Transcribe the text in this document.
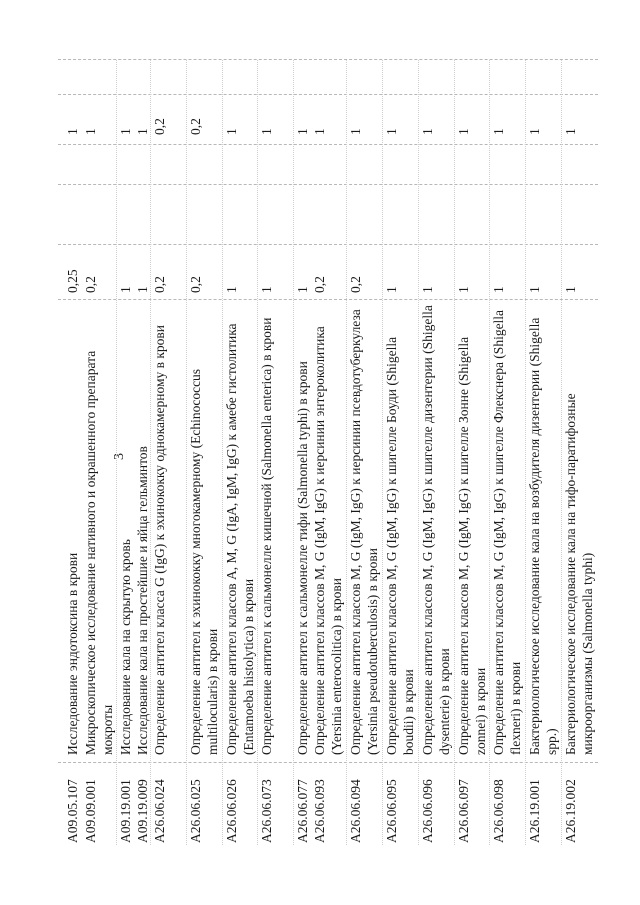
3
A09.05.107
Исследование эндотоксина в крови
0,25
1
A09.09.001
Микроскопическое исследование нативного и окрашенного препарата мокроты
0,2
1
A09.19.001
Исследование кала на скрытую кровь
1
1
A09.19.009
Исследование кала на простейшие и яйца гельминтов
1
1
A26.06.024
Определение антител класса G (IgG) к эхинококку однокамерному в крови
0,2
0,2
A26.06.025
Определение антител к эхинококку многокамерному (Echinococcus multilocularis) в крови
0,2
0,2
A26.06.026
Определение антител классов A, M, G (IgA, IgM, IgG) к амебе гистолитика (Entamoeba histolytica) в крови
1
1
A26.06.073
Определение антител к сальмонелле кишечной (Salmonella enterica) в крови
1
1
A26.06.077
Определение антител к сальмонелле тифи (Salmonella typhi) в крови
1
1
A26.06.093
Определение антител классов M, G (IgM, IgG) к иерсинии энтероколитика (Yersinia enterocolitica) в крови
0,2
1
A26.06.094
Определение антител классов M, G (IgM, IgG) к иерсинии псевдотуберкулеза (Yersinia pseudotuberculosis) в крови
0,2
1
A26.06.095
Определение антител классов M, G (IgM, IgG) к шигелле Боуди (Shigella boudii) в крови
1
1
A26.06.096
Определение антител классов M, G (IgM, IgG) к шигелле дизентерии (Shigella dysenterie) в крови
1
1
A26.06.097
Определение антител классов M, G (IgM, IgG) к шигелле Зонне (Shigella zonnei) в крови
1
1
A26.06.098
Определение антител классов M, G (IgM, IgG) к шигелле Флекснера (Shigella flexneri) в крови
1
1
A26.19.001
Бактериологическое исследование кала на возбудителя дизентерии (Shigella spp.)
1
1
A26.19.002
Бактериологическое исследование кала на тифо-паратифозные микроорганизмы (Salmonella typhi)
1
1
